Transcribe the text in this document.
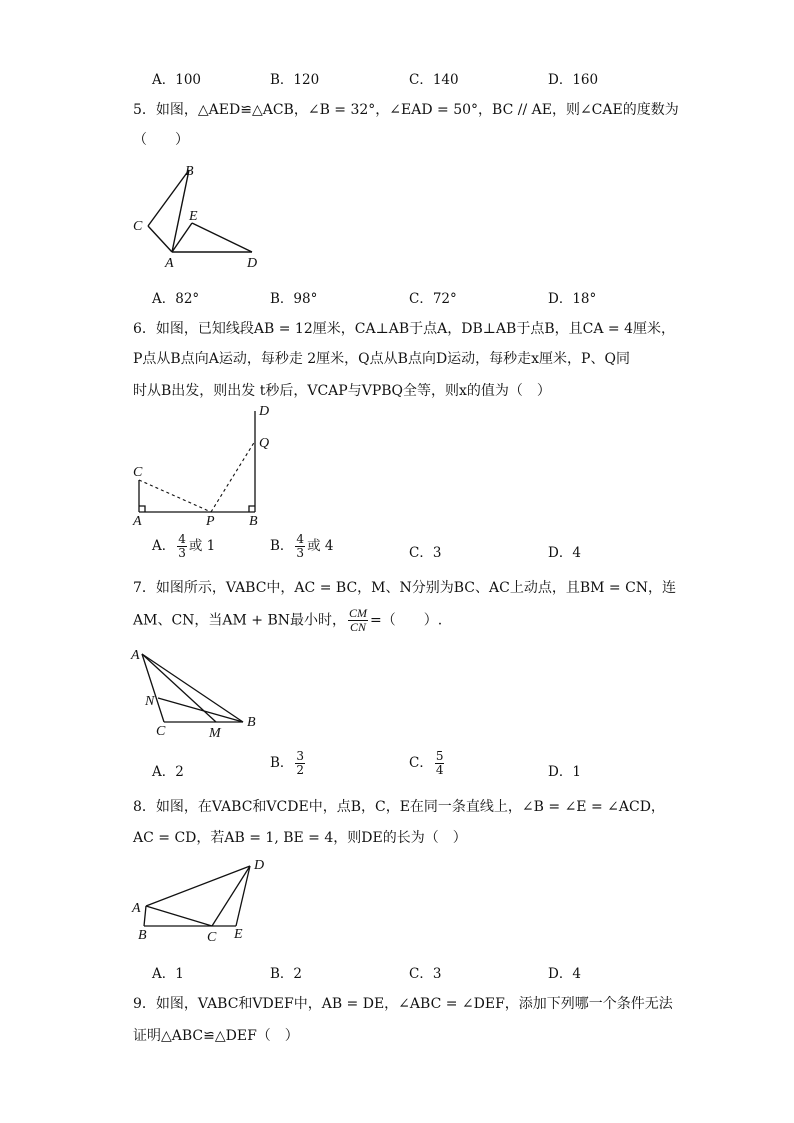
A．100	B．120	C．140	D．160
5．如图，△AED≌△ACB，∠B = 32°，∠EAD = 50°，BC // AE，则∠CAE的度数为
（　　）
B
C
E
A	D
A．82°	B．98°	C．72°	D．18°
6．如图，已知线段AB = 12厘米，CA⊥AB于点A，DB⊥AB于点B，且CA = 4厘米，
P点从B点向A运动，每秒走 2厘米，Q点从B点向D运动，每秒走x厘米，P、Q同
时从B出发，则出发 t秒后，VCAP与VPBQ全等，则x的值为（　）
D
Q
C
A	P B
A． $\frac{4}{3}$ 或 1	B． $\frac{4}{3}$ 或 4	C．3	D．4
7．如图所示，VABC中，AC = BC，M、N分别为BC、AC上动点，且BM = CN，连
AM、CN，当AM + BN最小时， $\frac{CM}{CN}$ =（　　）.
A
N
C	M
B
A．2
B． $\frac{3}{2}$	C． $\frac{5}{4}$	D．1
8．如图，在VABC和VCDE中，点B，C，E在同一条直线上，∠B = ∠E = ∠ACD，
AC = CD，若AB = 1, BE = 4，则DE的长为（　）
D
A
B	C E
A．1	B．2	C．3	D．4
9．如图，VABC和VDEF中，AB = DE，∠ABC = ∠DEF，添加下列哪一个条件无法
证明△ABC≌△DEF（　）
